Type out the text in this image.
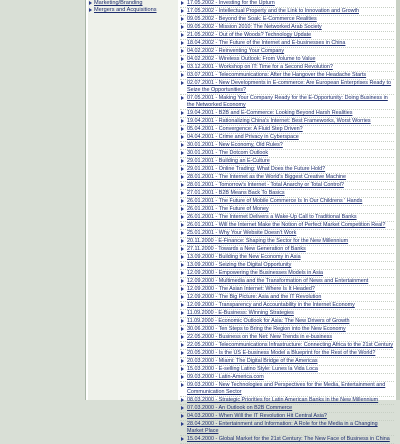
Marketing/Branding
Mergers and Acquisitions
17.05.2002 - Investing for the Upturn
17.05.2002 - Intellectual Property and the Link to Innovation and Growth
09.05.2002 - Beyond the Soak: E-Commerce Realities
09.05.2002 - Mission 2010: The Networked Arab Society
21.05.2002 - Out of the Woods? Technology Update
18.04.2002 - The Future of the Internet and E-businesses in China
04.02.2002 - Reinventing Your Company
04.02.2002 - Wireless Outlook: From Volume to Value
03.12.2001 - Workshop on IT: Time for a Second Revolution?
03.07.2001 - Telecommunications: After the Hangover the Headache Starts
02.07.2001 - New Developments in E-commerce: Are European Enterprises Ready to Seize the Opportunities?
07.05.2001 - Making Your Company Ready for the E-Opportunity: Doing Business in the Networked Economy
19.04.2001 - B2B and E-Commerce: Looking Beyond Harsh Realities
19.04.2001 - Rationalizing China's Internet: Best Frameworks, Worst Worries
05.04.2001 - Convergence: A Fluid Step Driven?
04.04.2001 - Crime and Privacy in Cyberspace
30.01.2001 - New Economy, Old Rules?
30.01.2001 - The Dotcom Outlook
29.01.2001 - Building an E-Culture
29.01.2001 - Online Trading: What Does the Future Hold?
28.01.2001 - The Internet as the World's Biggest Creative Machine
28.01.2001 - Tomorrow's Internet - Total Anarchy or Total Control?
27.01.2001 - B2B Means Back To Basics
26.01.2001 - The Future of Mobile Commerce Is In Our Childrens ' Hands
26.01.2001 - The Future of Money
26.01.2001 - The Internet Delivers a Wake-Up Call to Traditional Banks
26.01.2001 - Will the Internet Make the Notion of Perfect Market Competition Real?
25.01.2001 - Why Your Website Doesn't Work
20.11.2000 - E-Finance: Shaping the Sector for the New Millennium
27.11.2000 - Towards a New Generation of Banks
13.09.2000 - Building the New Economy in Asia
13.09.2000 - Seizing the Digital Opportunity
12.09.2000 - Empowering the Businesses Models in Asia
12.09.2000 - Multimedia and the Transformation of News and Entertainment
12.09.2000 - The Asian Internet: Where Is It Headed?
12.09.2000 - The Big Picture: Asia and the IT Revolution
12.09.2000 - Transparency and Accountability in the Internet Economy
11.09.2000 - E-Business: Winning Strategies
11.09.2000 - Economic Outlook for Asia: The New Drivers of Growth
30.06.2000 - Ten Steps to Bring the Region into the New Economy
22.05.2000 - Business on the Net: New Trends in e-business
22.05.2000 - Telecommunications Infrastructure: Connecting Africa to the 21st Century
20.05.2000 - Is the US E-business Model a Blueprint for the Rest of the World?
20.03.2000 - Miami: The Digital Bridge of the Americas
15.03.2000 - E-selling Latino Style: Lunes la Vida Loca
09.03.2000 - Latin-America.com
09.03.2000 - New Technologies and Perspectives for the Media, Entertainment and Communication Sector
08.03.2000 - Strategic Priorities for Latin American Banks in the New Millennium
07.03.2000 - An Outlook on B2B Commerce
04.03.2000 - When Will the IT Revolution Hit Central Asia?
28.04.2000 - Entertainment and Information: A Role for the Media in a Changing Market Place
15.04.2000 - Global Market for the 21st Century: The New Face of Business in China
